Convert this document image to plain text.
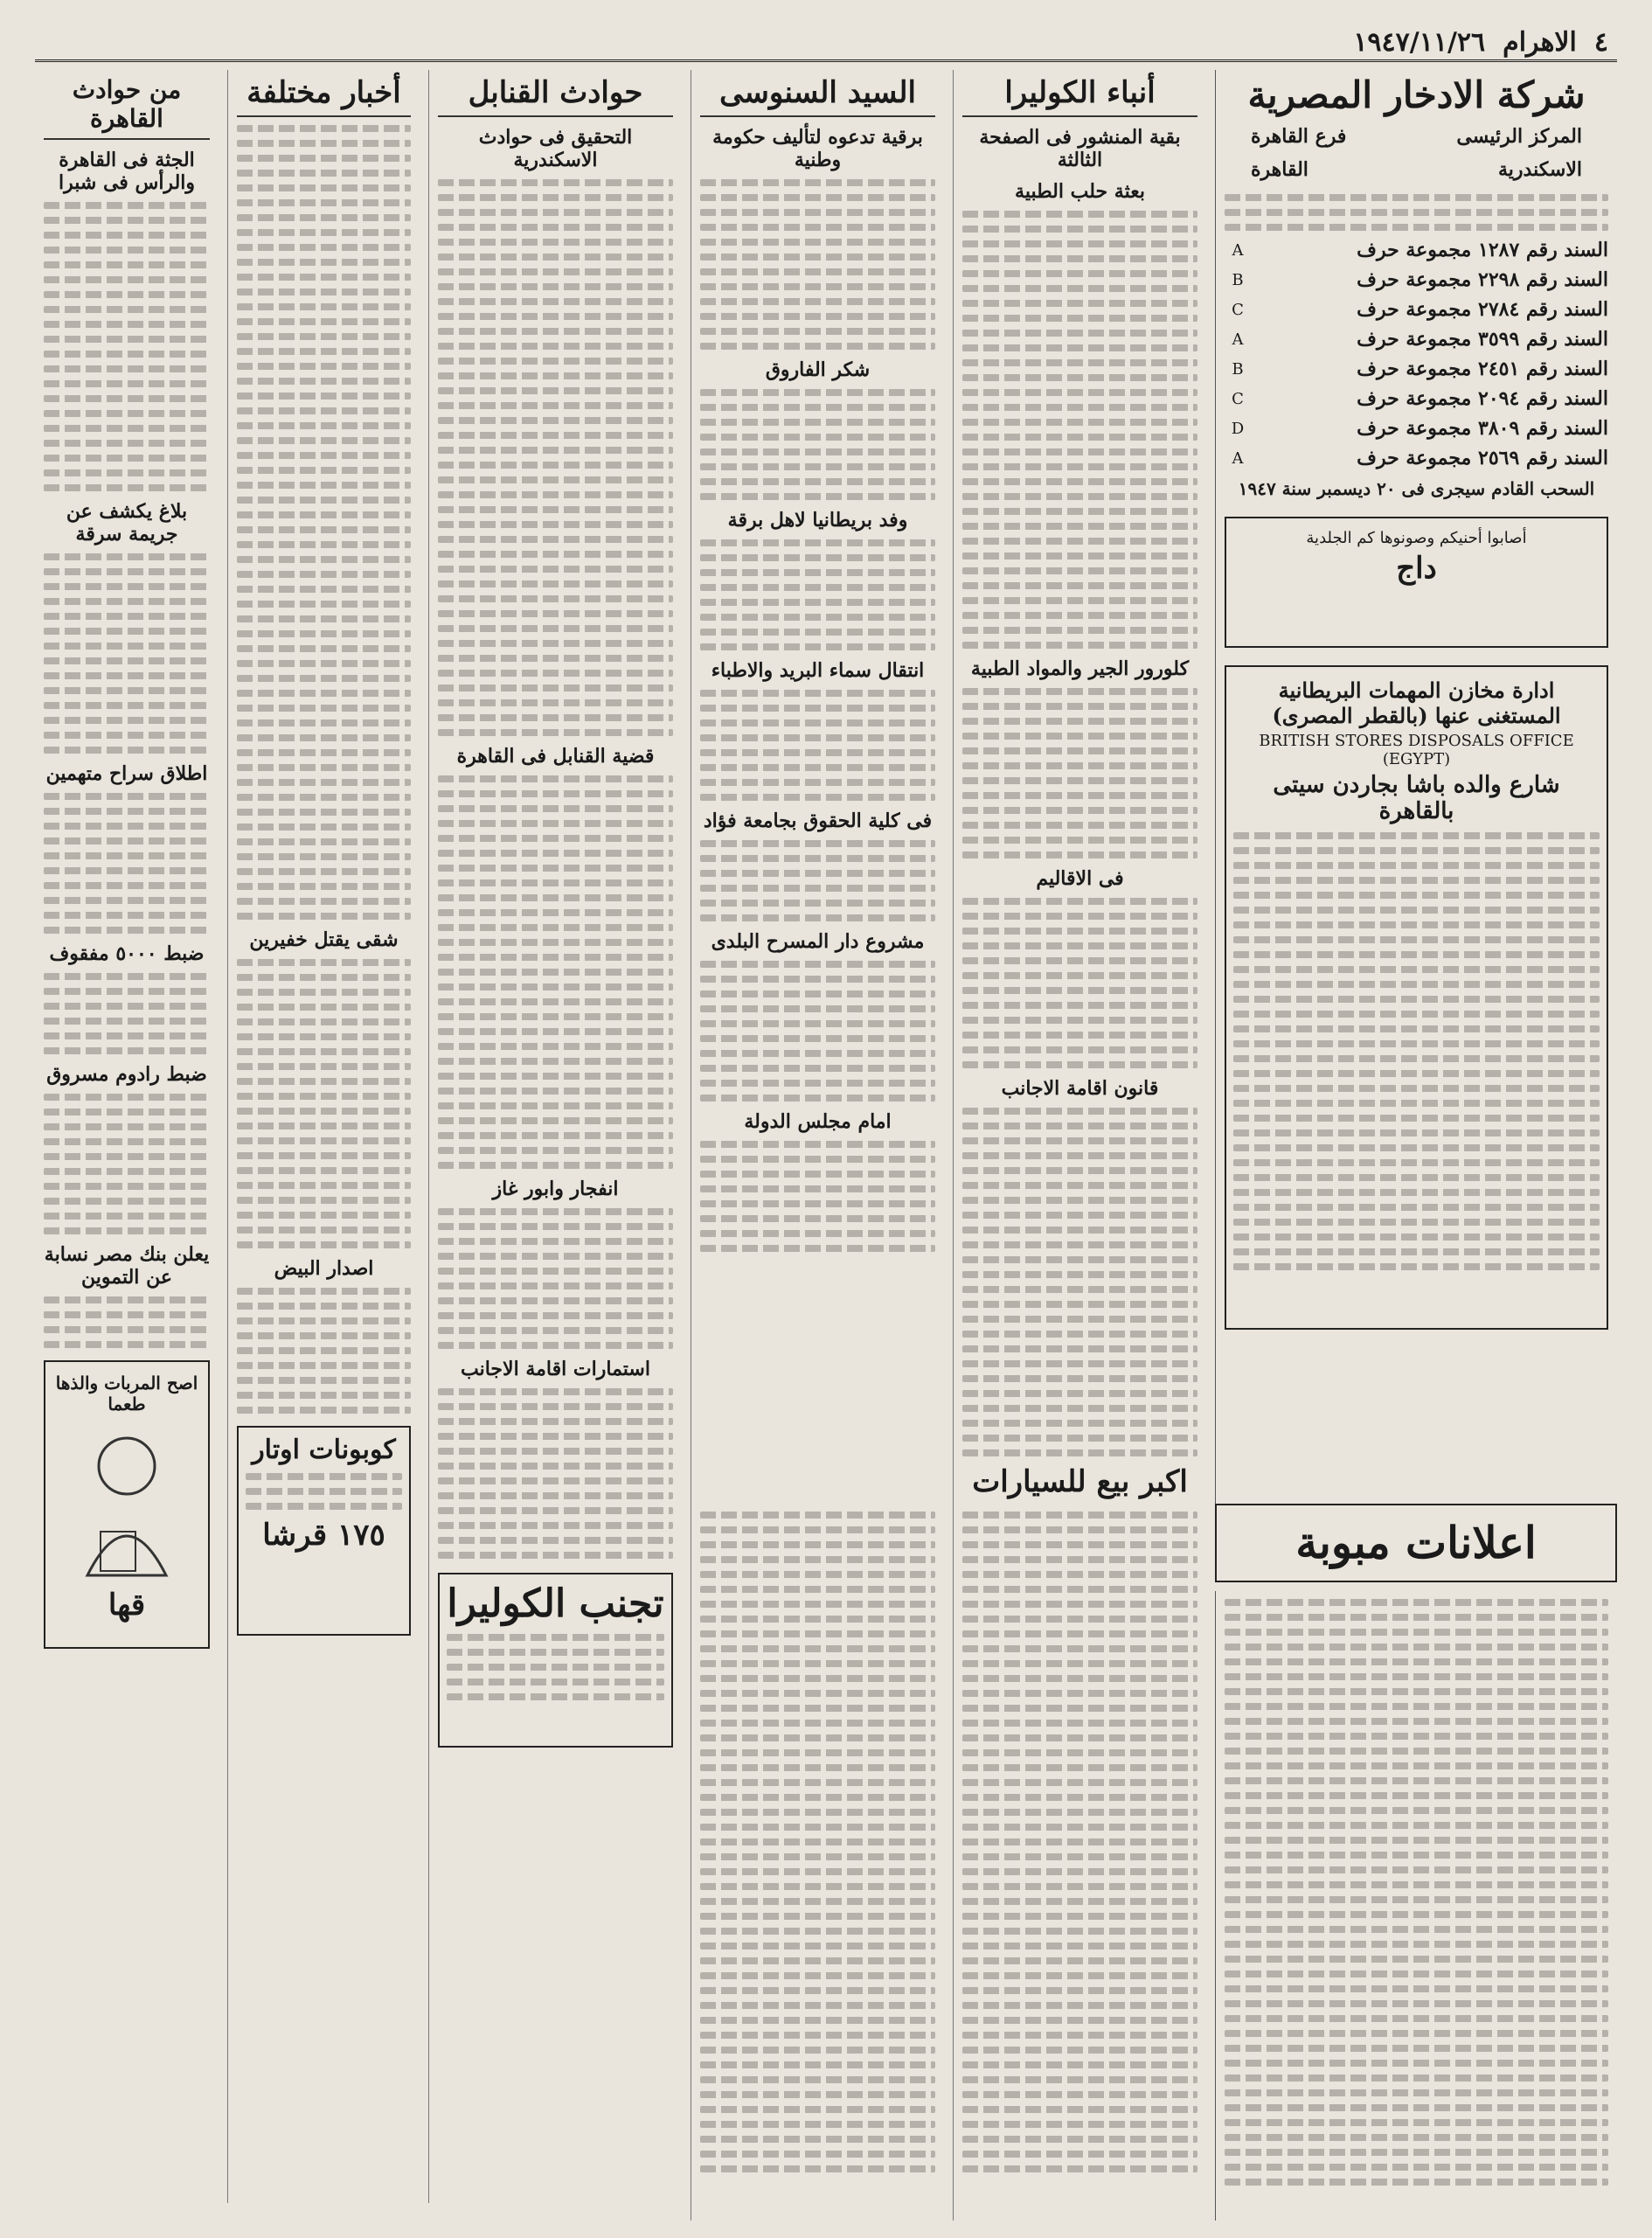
٤
الاهرام
١٩٤٧/١١/٢٦
شركة الادخار المصرية
المركز الرئيسى
فرع القاهرة
الاسكندرية
القاهرة
السند رقم ١٢٨٧ مجموعة حرف
A
السند رقم ٢٢٩٨ مجموعة حرف
B
السند رقم ٢٧٨٤ مجموعة حرف
C
السند رقم ٣٥٩٩ مجموعة حرف
A
السند رقم ٢٤٥١ مجموعة حرف
B
السند رقم ٢٠٩٤ مجموعة حرف
C
السند رقم ٣٨٠٩ مجموعة حرف
D
السند رقم ٢٥٦٩ مجموعة حرف
A
السحب القادم سيجرى فى ٢٠ ديسمبر سنة ١٩٤٧
أصابوا أحنيكم وصونوها كم الجلدية
داج
ادارة مخازن المهمات البريطانية المستغنى عنها (بالقطر المصرى)
BRITISH STORES DISPOSALS OFFICE (EGYPT)
شارع والده باشا بجاردن سيتى بالقاهرة
أنباء الكوليرا
بقية المنشور فى الصفحة الثالثة
بعثة حلب الطبية
كلورور الجير والمواد الطبية
فى الاقاليم
قانون اقامة الاجانب
اكبر بيع للسيارات
السيد السنوسى
برقية تدعوه لتأليف حكومة وطنية
شكر الفاروق
وفد بريطانيا لاهل برقة
انتقال سماء البريد والاطباء
فى كلية الحقوق بجامعة فؤاد
مشروع دار المسرح البلدى
امام مجلس الدولة
حوادث القنابل
التحقيق فى حوادث الاسكندرية
قضية القنابل فى القاهرة
انفجار وابور غاز
استمارات اقامة الاجانب
تجنب الكوليرا
أخبار مختلفة
شقى يقتل خفيرين
اصدار البيض
كوبونات اوتار
١٧٥ قرشا
من حوادث القاهرة
الجثة فى القاهرة والرأس فى شبرا
بلاغ يكشف عن جريمة سرقة
اطلاق سراح متهمين
ضبط ٥٠٠٠ مفقوف
ضبط رادوم مسروق
يعلن بنك مصر نسابة عن التموين
اصح المربات والذها طعما
قها
اعلانات مبوبة
